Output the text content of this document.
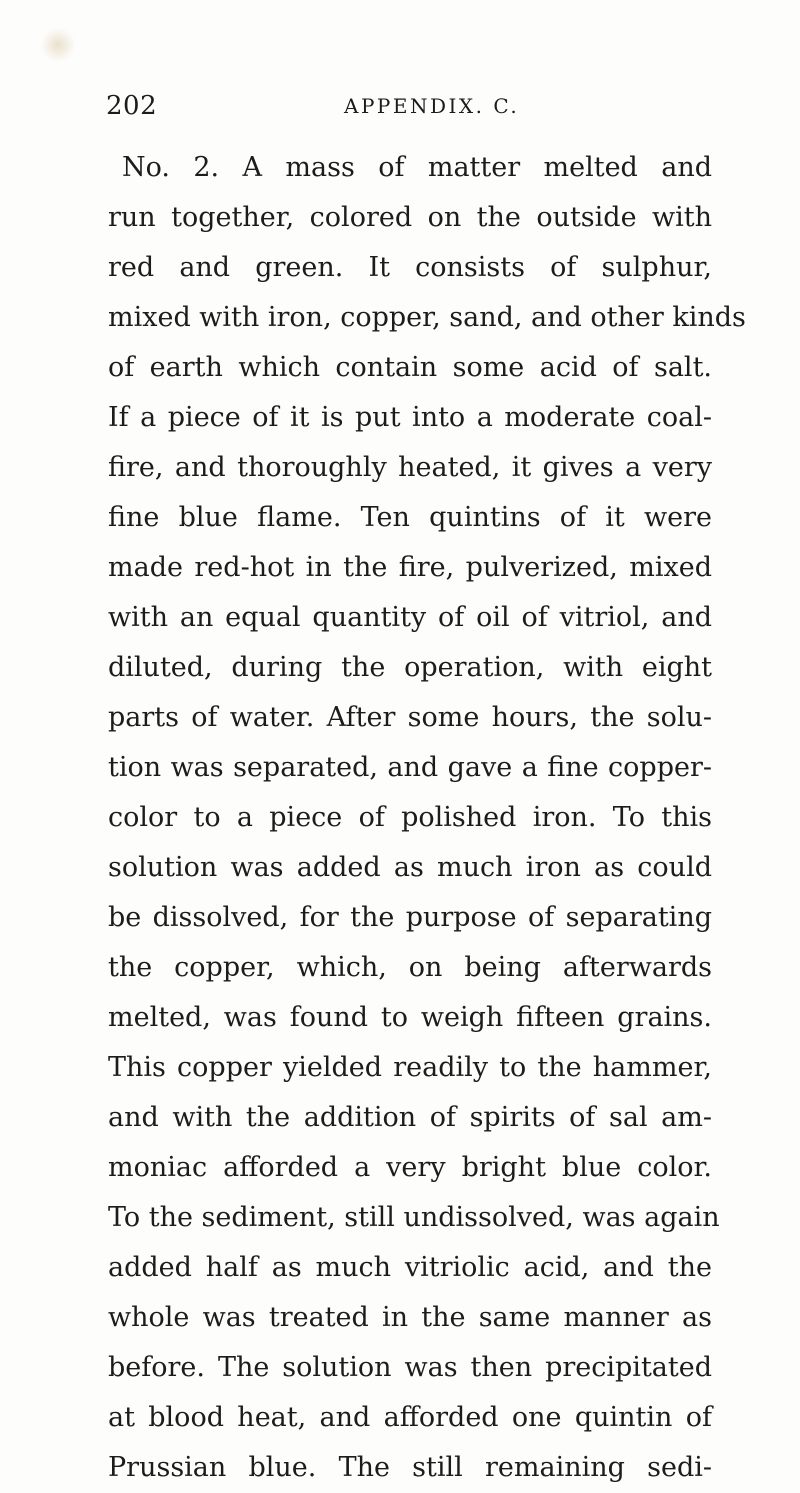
202	APPENDIX. C.
No. 2. A mass of matter melted and
run together, colored on the outside with
red and green. It consists of sulphur,
mixed with iron, copper, sand, and other kinds
of earth which contain some acid of salt.
If a piece of it is put into a moderate coal-
fire, and thoroughly heated, it gives a very
fine blue flame. Ten quintins of it were
made red-hot in the fire, pulverized, mixed
with an equal quantity of oil of vitriol, and
diluted, during the operation, with eight
parts of water. After some hours, the solu-
tion was separated, and gave a fine copper-
color to a piece of polished iron. To this
solution was added as much iron as could
be dissolved, for the purpose of separating
the copper, which, on being afterwards
melted, was found to weigh fifteen grains.
This copper yielded readily to the hammer,
and with the addition of spirits of sal am-
moniac afforded a very bright blue color.
To the sediment, still undissolved, was again
added half as much vitriolic acid, and the
whole was treated in the same manner as
before. The solution was then precipitated
at blood heat, and afforded one quintin of
Prussian blue. The still remaining sedi-
